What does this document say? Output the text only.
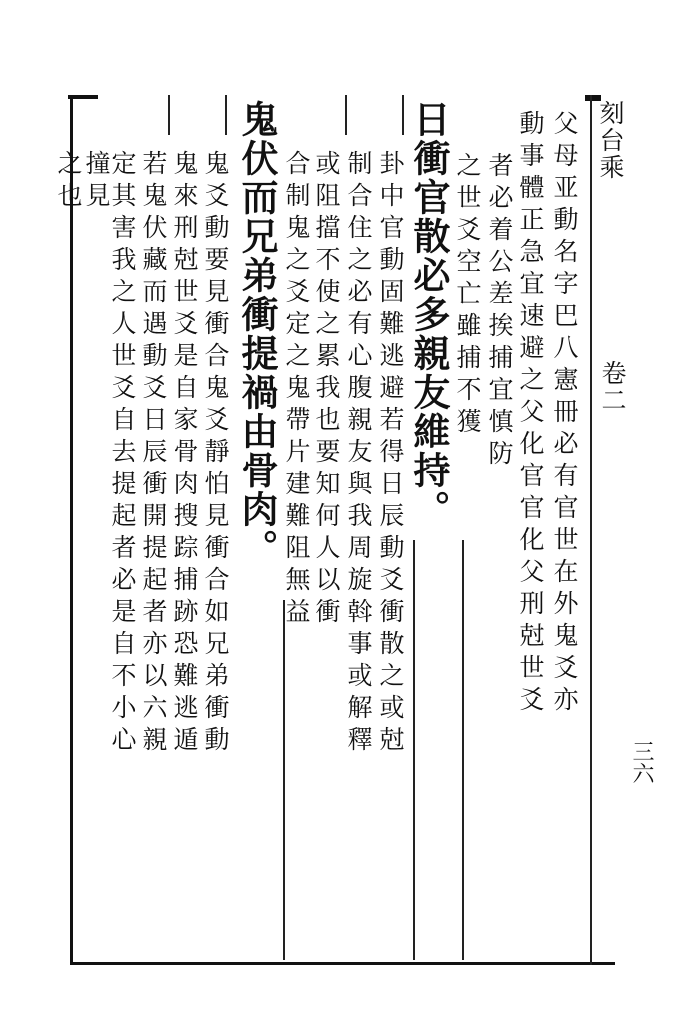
刻台乘
卷二
三六
父母亚動名字巴八憲冊必有官世在外鬼爻亦
動事體正急宜速避之父化官官化父刑尅世爻
者必着公差挨捕宜慎防
之世爻空亡雖捕不獲
日衝官散必多親友維持。
卦中官動固難逃避若得日辰動爻衝散之或尅
制合住之必有心腹親友與我周旋斡事或解釋
或阻擋不使之累我也要知何人以衝
合制鬼之爻定之鬼帶片建難阻無益
鬼伏而兄弟衝提禍由骨肉。
鬼爻動要見衝合鬼爻靜怕見衝合如兄弟衝動
鬼來刑尅世爻是自家骨肉搜踪捕跡恐難逃遁
若鬼伏藏而遇動爻日辰衝開提起者亦以六親
定其害我之人世爻自去提起者必是自不小心
撞見
之也
